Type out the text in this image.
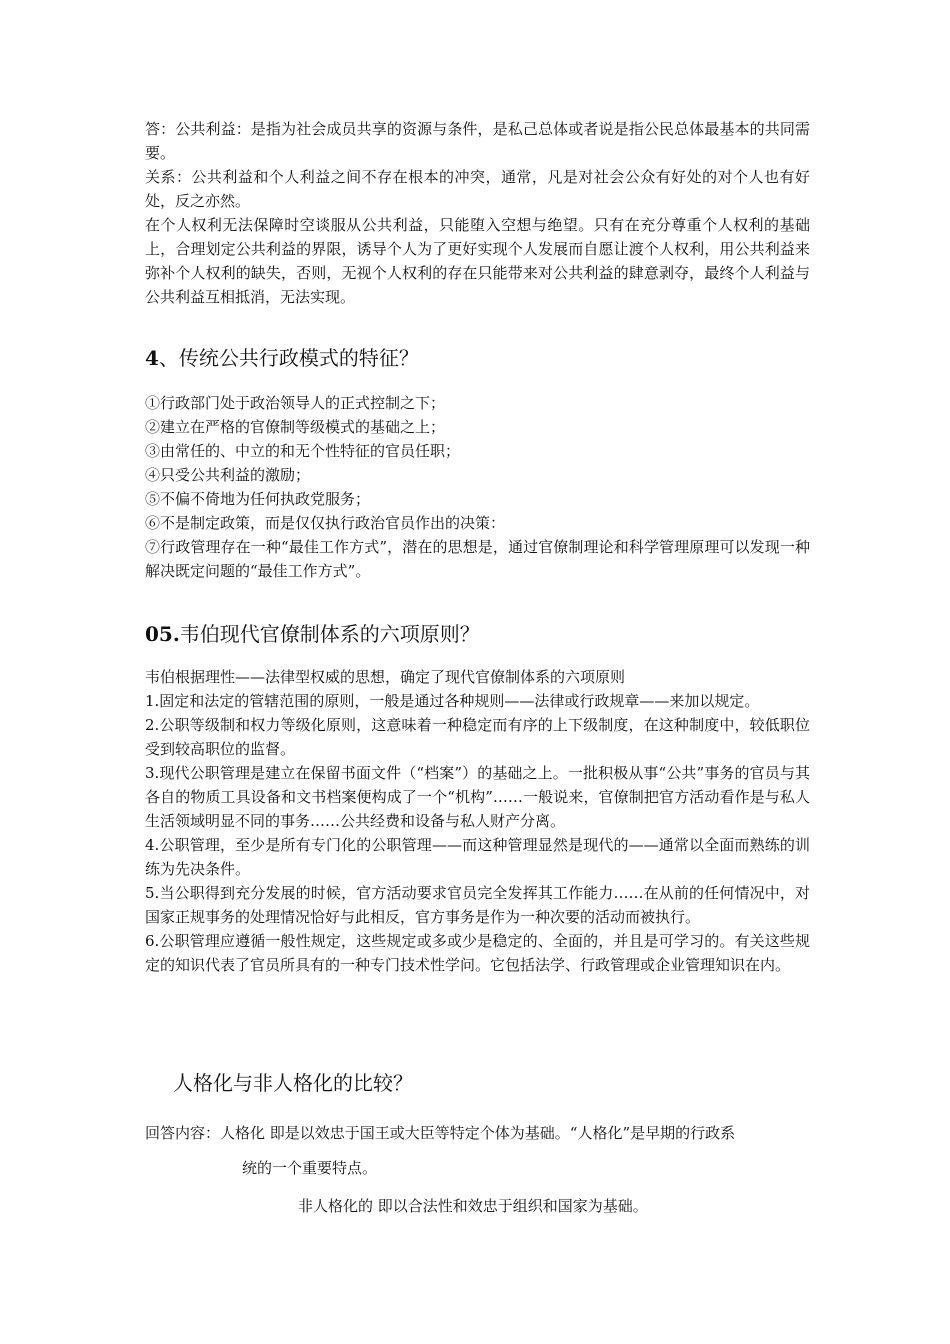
答：公共利益：是指为社会成员共享的资源与条件，是私己总体或者说是指公民总体最基本的共同需要。

关系：公共利益和个人利益之间不存在根本的冲突，通常，凡是对社会公众有好处的对个人也有好处，反之亦然。

在个人权利无法保障时空谈服从公共利益，只能堕入空想与绝望。只有在充分尊重个人权利的基础上，合理划定公共利益的界限，诱导个人为了更好实现个人发展而自愿让渡个人权利，用公共利益来弥补个人权利的缺失，否则，无视个人权利的存在只能带来对公共利益的肆意剥夺，最终个人利益与公共利益互相抵消，无法实现。

4、传统公共行政模式的特征？

①行政部门处于政治领导人的正式控制之下；

②建立在严格的官僚制等级模式的基础之上；

③由常任的、中立的和无个性特征的官员任职；

④只受公共利益的激励；

⑤不偏不倚地为任何执政党服务；

⑥不是制定政策，而是仅仅执行政治官员作出的决策：

⑦行政管理存在一种“最佳工作方式”，潜在的思想是，通过官僚制理论和科学管理原理可以发现一种解决既定问题的“最佳工作方式”。

05.韦伯现代官僚制体系的六项原则？

韦伯根据理性——法律型权威的思想，确定了现代官僚制体系的六项原则

1.固定和法定的管辖范围的原则，一般是通过各种规则——法律或行政规章——来加以规定。

2.公职等级制和权力等级化原则，这意味着一种稳定而有序的上下级制度，在这种制度中，较低职位受到较高职位的监督。

3.现代公职管理是建立在保留书面文件（“档案”）的基础之上。一批积极从事“公共”事务的官员与其各自的物质工具设备和文书档案便构成了一个“机构”……一般说来，官僚制把官方活动看作是与私人生活领域明显不同的事务……公共经费和设备与私人财产分离。

4.公职管理，至少是所有专门化的公职管理——而这种管理显然是现代的——通常以全面而熟练的训练为先决条件。

5.当公职得到充分发展的时候，官方活动要求官员完全发挥其工作能力……在从前的任何情况中，对国家正规事务的处理情况恰好与此相反，官方事务是作为一种次要的活动而被执行。

6.公职管理应遵循一般性规定，这些规定或多或少是稳定的、全面的，并且是可学习的。有关这些规定的知识代表了官员所具有的一种专门技术性学问。它包括法学、行政管理或企业管理知识在内。

人格化与非人格化的比较？

回答内容：人格化 即是以效忠于国王或大臣等特定个体为基础。“人格化”是早期的行政系

统的一个重要特点。

非人格化的 即以合法性和效忠于组织和国家为基础。
